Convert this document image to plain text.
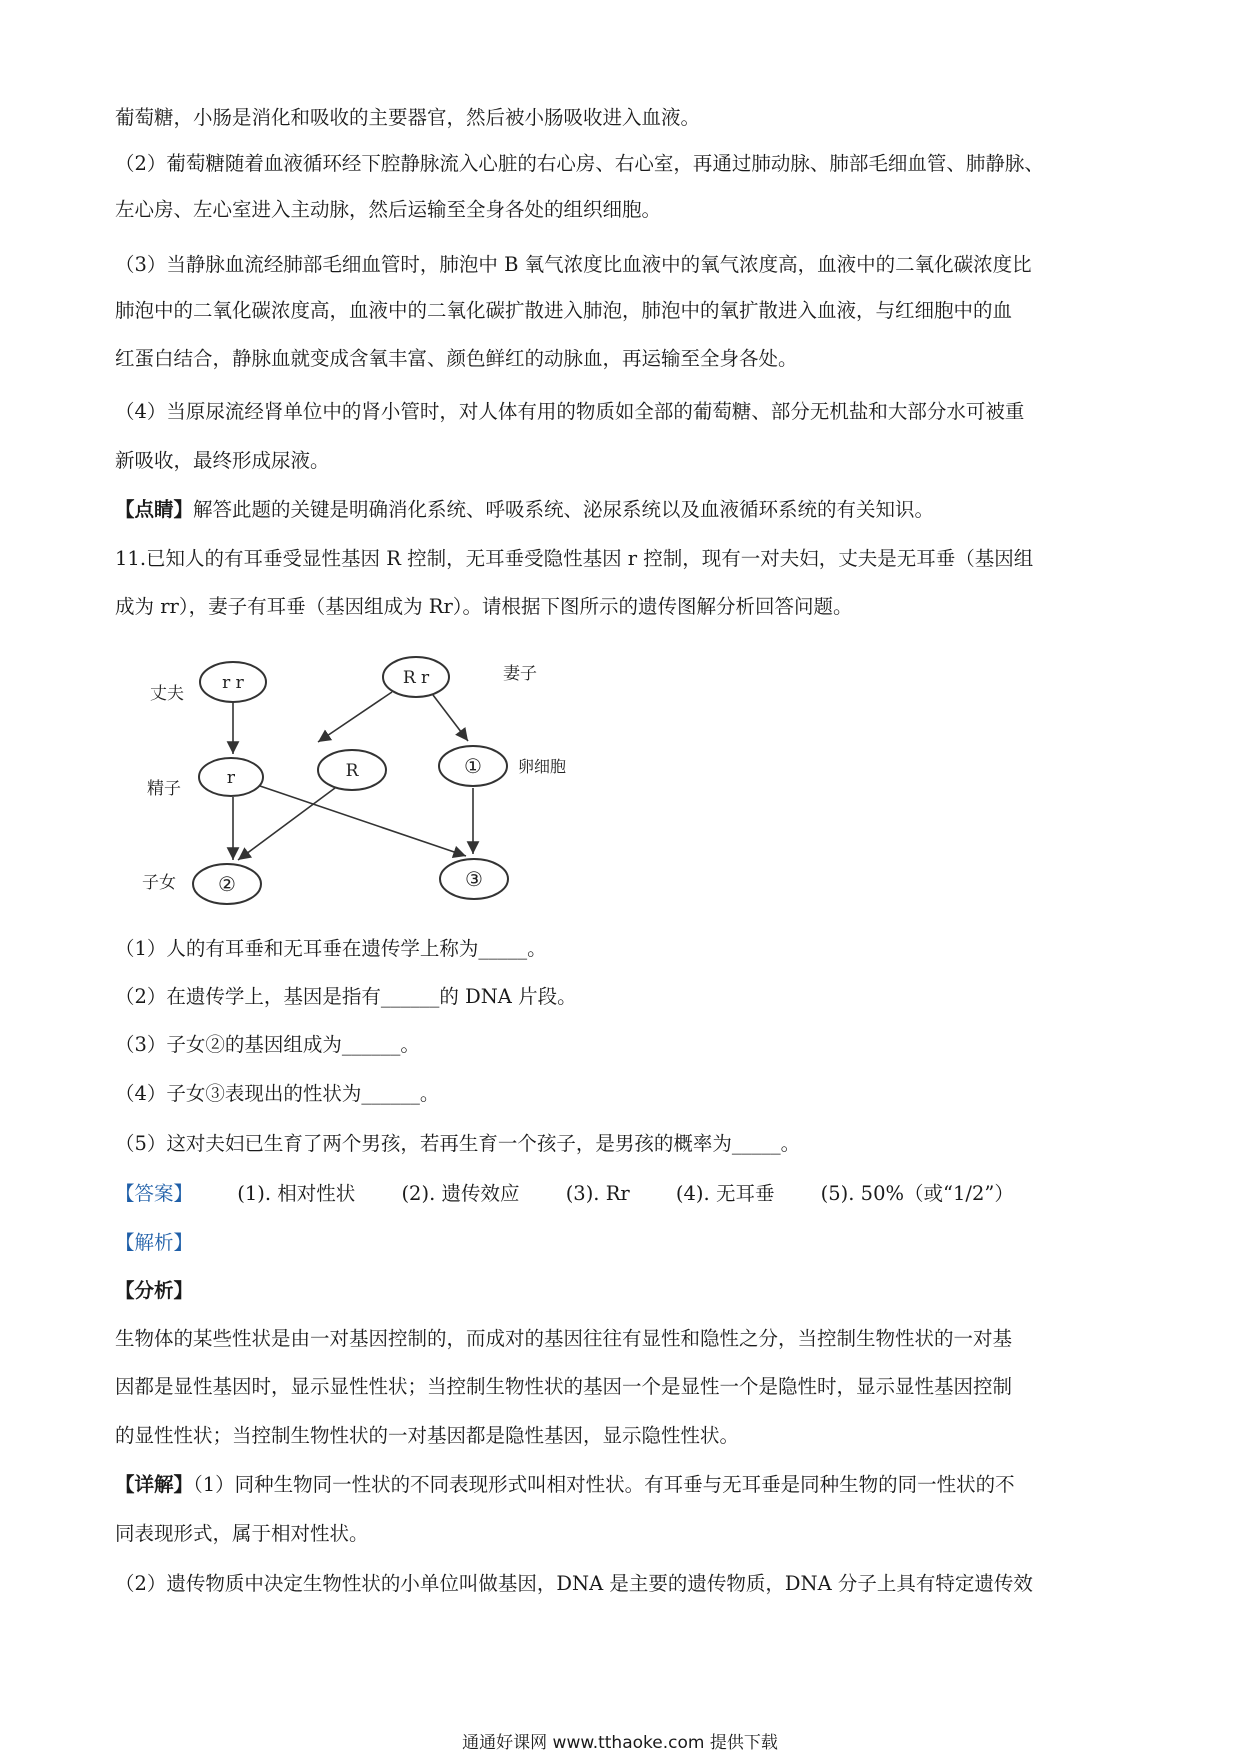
葡萄糖，小肠是消化和吸收的主要器官，然后被小肠吸收进入血液。
（2）葡萄糖随着血液循环经下腔静脉流入心脏的右心房、右心室，再通过肺动脉、肺部毛细血管、肺静脉、
左心房、左心室进入主动脉，然后运输至全身各处的组织细胞。
（3）当静脉血流经肺部毛细血管时，肺泡中 B 氧气浓度比血液中的氧气浓度高，血液中的二氧化碳浓度比
肺泡中的二氧化碳浓度高，血液中的二氧化碳扩散进入肺泡，肺泡中的氧扩散进入血液，与红细胞中的血
红蛋白结合，静脉血就变成含氧丰富、颜色鲜红的动脉血，再运输至全身各处。
（4）当原尿流经肾单位中的肾小管时，对人体有用的物质如全部的葡萄糖、部分无机盐和大部分水可被重
新吸收，最终形成尿液。
【点睛】解答此题的关键是明确消化系统、呼吸系统、泌尿系统以及血液循环系统的有关知识。
11.已知人的有耳垂受显性基因 R 控制，无耳垂受隐性基因 r 控制，现有一对夫妇，丈夫是无耳垂（基因组
成为 rr），妻子有耳垂（基因组成为 Rr）。请根据下图所示的遗传图解分析回答问题。
丈夫
妻子
精子
卵细胞
子女
r r	R r
r	R	①
②	③
（1）人的有耳垂和无耳垂在遗传学上称为_____。
（2）在遗传学上，基因是指有______的 DNA 片段。
（3）子女②的基因组成为______。
（4）子女③表现出的性状为______。
（5）这对夫妇已生育了两个男孩，若再生育一个孩子，是男孩的概率为_____。
【答案】 (1). 相对性状 (2). 遗传效应 (3). Rr (4). 无耳垂 (5). 50%（或“1/2”）
【解析】
【分析】
生物体的某些性状是由一对基因控制的，而成对的基因往往有显性和隐性之分，当控制生物性状的一对基
因都是显性基因时，显示显性性状；当控制生物性状的基因一个是显性一个是隐性时，显示显性基因控制
的显性性状；当控制生物性状的一对基因都是隐性基因，显示隐性性状。
【详解】（1）同种生物同一性状的不同表现形式叫相对性状。有耳垂与无耳垂是同种生物的同一性状的不
同表现形式，属于相对性状。
（2）遗传物质中决定生物性状的小单位叫做基因，DNA 是主要的遗传物质，DNA 分子上具有特定遗传效
通通好课网 www.tthaoke.com 提供下载
